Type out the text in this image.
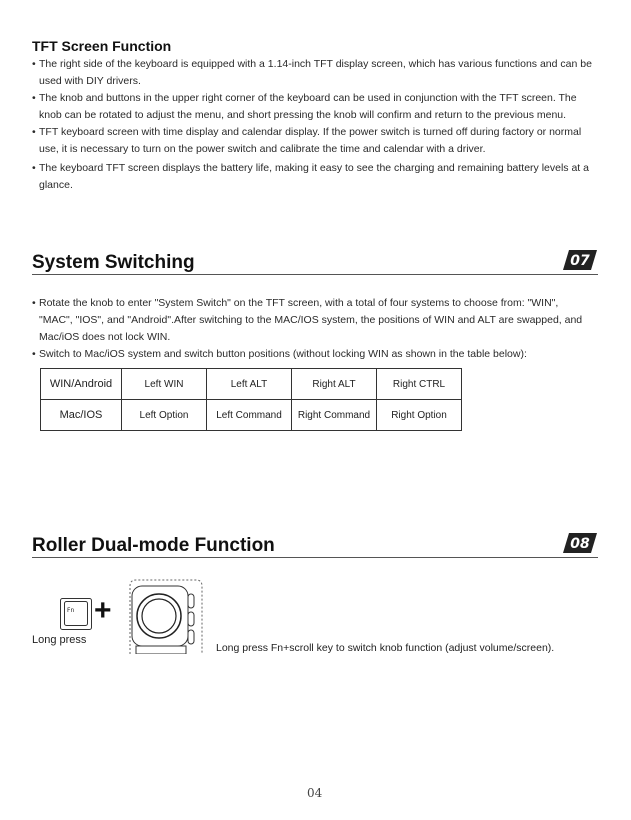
TFT Screen Function
• The right side of the keyboard is equipped with a 1.14-inch TFT display screen, which has various functions and can be used with DIY drivers.
• The knob and buttons in the upper right corner of the keyboard can be used in conjunction with the TFT screen. The knob can be rotated to adjust the menu, and short pressing the knob will confirm and return to the previous menu.
• TFT keyboard screen with time display and calendar display. If the power switch is turned off during factory or normal use, it is necessary to turn on the power switch and calibrate the time and calendar with a driver.
• The keyboard TFT screen displays the battery life, making it easy to see the charging and remaining battery levels at a glance.
System Switching	07
• Rotate the knob to enter "System Switch" on the TFT screen, with a total of four systems to choose from: "WIN", "MAC", "IOS", and "Android".After switching to the MAC/IOS system, the positions of WIN and ALT are swapped, and Mac/iOS does not lock WIN.
• Switch to Mac/iOS system and switch button positions (without locking WIN as shown in the table below):
WIN/Android	Left WIN	Left ALT	Right ALT	Right CTRL
Mac/IOS	Left Option	Left Command	Right Command	Right Option
Roller Dual-mode Function	08
Fn +
Long press
Long press Fn+scroll key to switch knob function (adjust volume/screen).
04
